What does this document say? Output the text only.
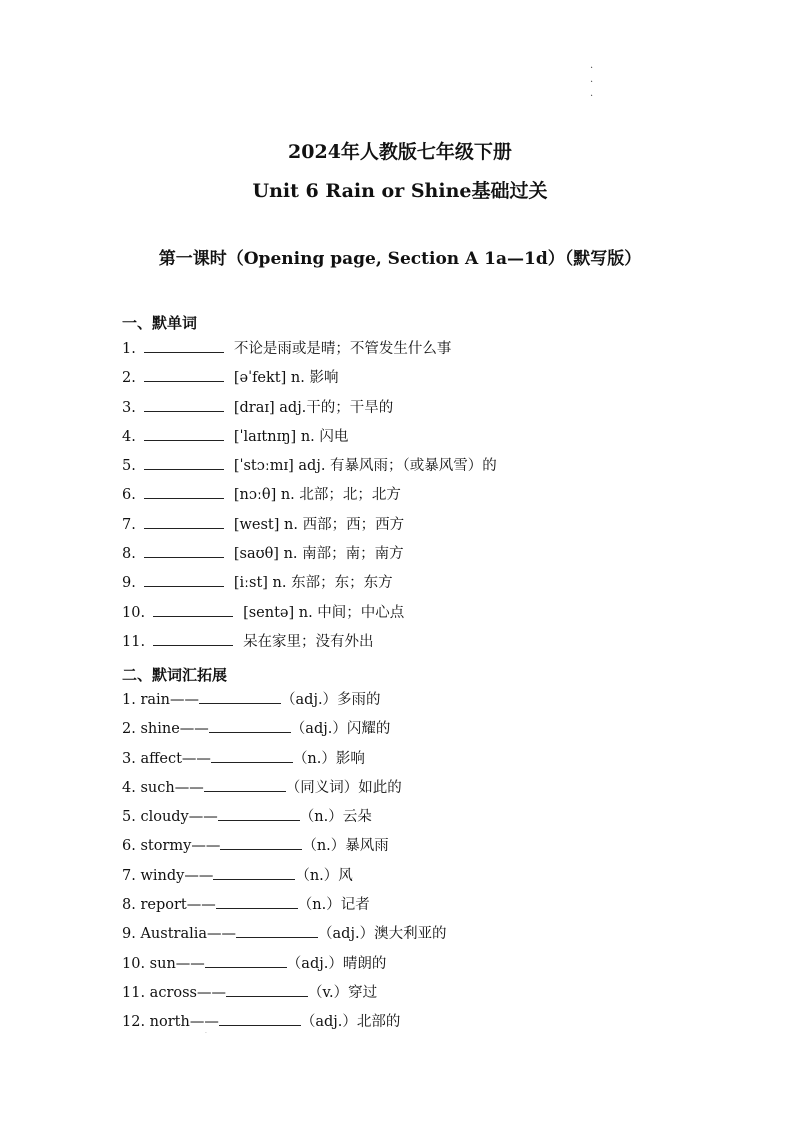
·
·
·
2024年人教版七年级下册
Unit 6 Rain or Shine基础过关
第一课时（Opening page, Section A 1a—1d）（默写版）
一、默单词
1.	不论是雨或是晴；不管发生什么事
2.	[əˈfekt] n. 影响
3.	[draɪ] adj.干的；干旱的
4.	[ˈlaɪtnɪŋ] n. 闪电
5.	[ˈstɔːmɪ] adj. 有暴风雨；（或暴风雪）的
6.	[nɔːθ] n. 北部；北；北方
7.	[west] n. 西部；西；西方
8.	[saʊθ] n. 南部；南；南方
9.	[iːst] n. 东部；东；东方
10.	[sentə] n. 中间；中心点
11.	呆在家里；没有外出
二、默词汇拓展
1. rain——	（adj.）多雨的
2. shine——	（adj.）闪耀的
3. affect——	（n.）影响
4. such——	（同义词）如此的
5. cloudy——	（n.）云朵
6. stormy——	（n.）暴风雨
7. windy——	（n.）风
8. report——	（n.）记者
9. Australia——	（adj.）澳大利亚的
10. sun——	（adj.）晴朗的
11. across——	（v.）穿过
12. north——	（adj.）北部的
·
